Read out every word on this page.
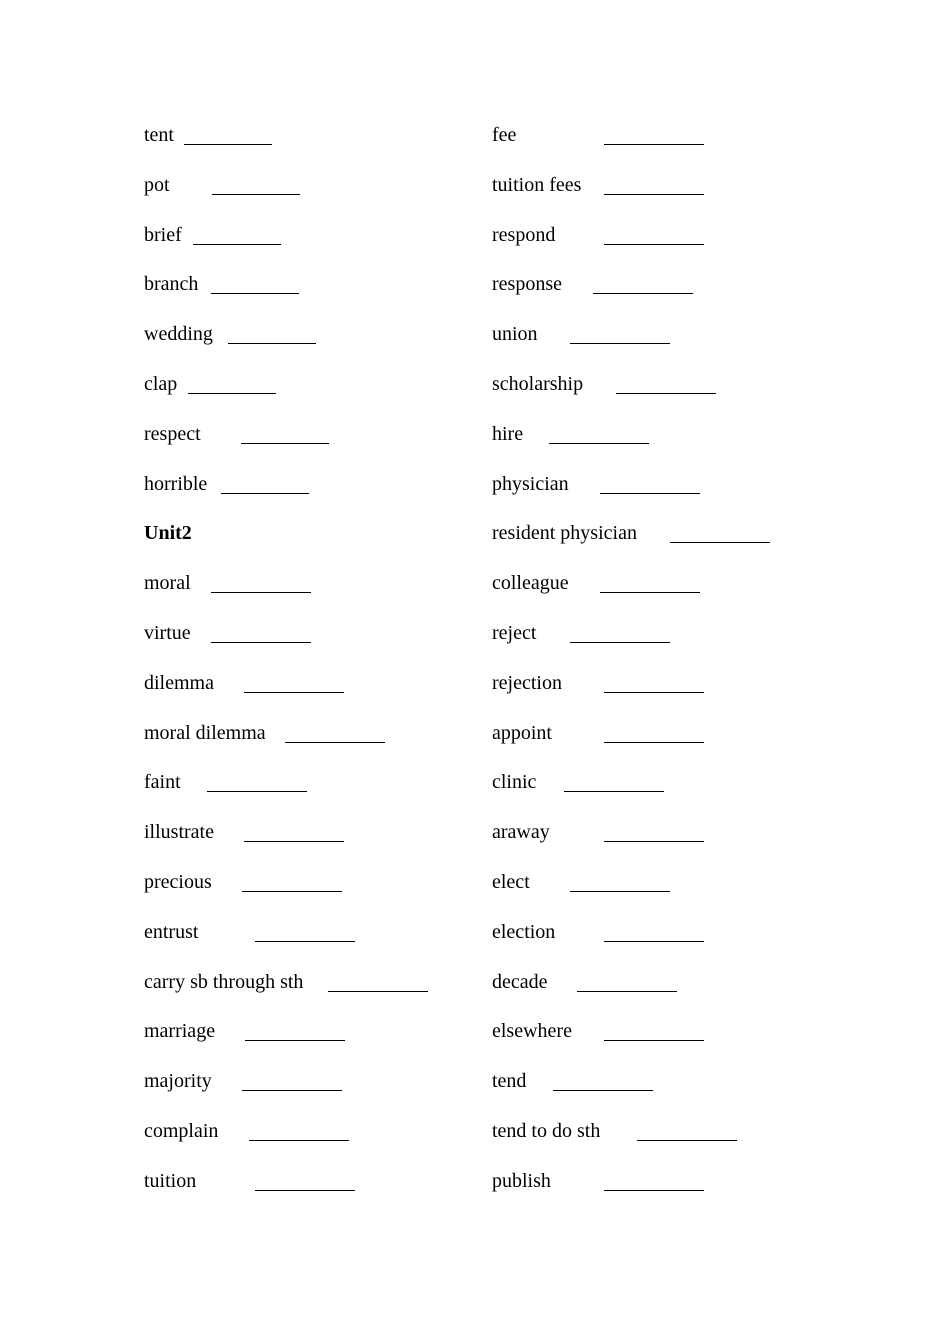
tent
pot
brief
branch
wedding
clap
respect
horrible
Unit2
moral
virtue
dilemma
moral dilemma
faint
illustrate
precious
entrust
carry sb through sth
marriage
majority
complain
tuition
fee
tuition fees
respond
response
union
scholarship
hire
physician
resident physician
colleague
reject
rejection
appoint
clinic
araway
elect
election
decade
elsewhere
tend
tend to do sth
publish
